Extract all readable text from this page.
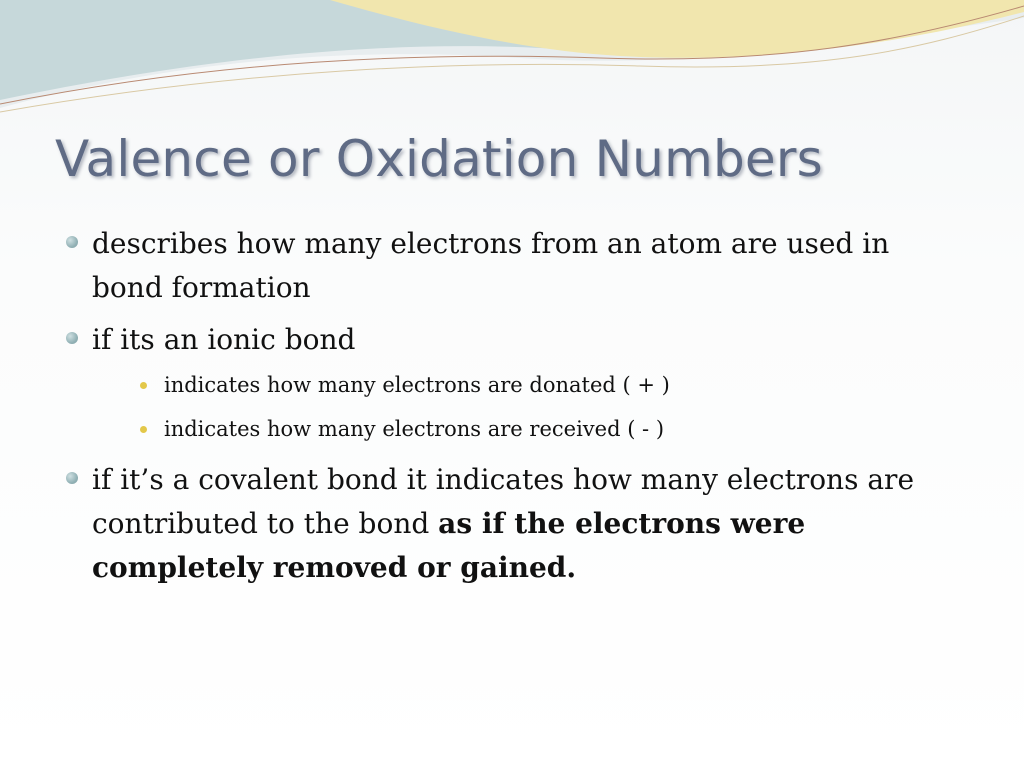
Valence or Oxidation Numbers
describes how many electrons from an atom are used in bond formation
if its an ionic bond
indicates how many electrons are donated ( + )
indicates how many electrons are received ( - )
if it’s a covalent bond it indicates how many electrons are contributed to the bond as if the electrons were completely removed or gained.
